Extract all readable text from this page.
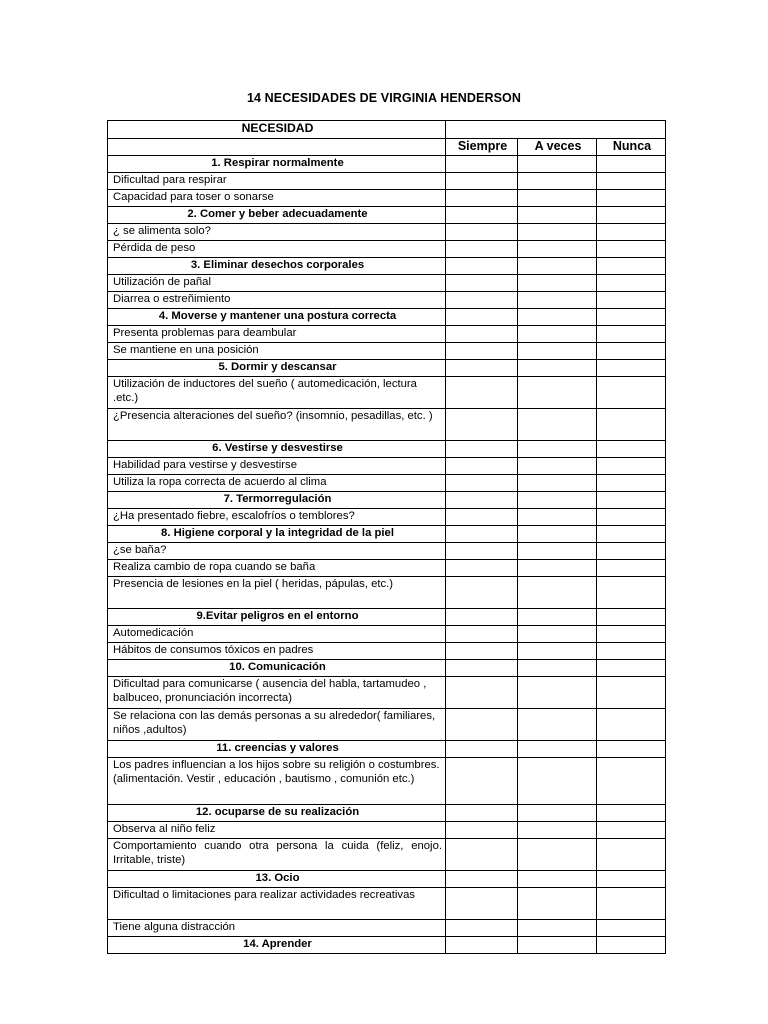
14 NECESIDADES DE VIRGINIA HENDERSON
NECESIDAD			
	Siempre	A veces	Nunca
1. Respirar normalmente			
Dificultad para respirar			
Capacidad para toser o sonarse			
2. Comer y beber adecuadamente			
¿ se alimenta solo?			
Pérdida de peso			
3. Eliminar desechos corporales			
Utilización de pañal			
Diarrea o estreñimiento			
4. Moverse y mantener una postura correcta			
Presenta problemas para deambular			
Se mantiene en una posición			
5. Dormir y descansar			
Utilización de inductores del sueño ( automedicación, lectura .etc.)			
¿Presencia alteraciones del sueño? (insomnio, pesadillas, etc. )			
6. Vestirse y desvestirse			
Habilidad para vestirse y desvestirse			
Utiliza la ropa correcta de acuerdo al clima			
7. Termorregulación			
¿Ha presentado fiebre, escalofríos o temblores?			
8. Higiene corporal y la integridad de la piel			
¿se baña?			
Realiza cambio de ropa cuando se baña			
Presencia de lesiones en la piel ( heridas, pápulas, etc.)			
9.Evitar peligros en el entorno			
Automedicación			
Hábitos de consumos tóxicos en padres			
10. Comunicación			
Dificultad para comunicarse ( ausencia del habla, tartamudeo , balbuceo, pronunciación incorrecta)			
Se relaciona con las demás personas a su alrededor( familiares, niños ,adultos)			
11. creencias y valores			
Los padres influencian a los hijos sobre su religión o costumbres. (alimentación. Vestir , educación , bautismo , comunión etc.)			
12. ocuparse de su realización			
Observa al niño feliz			
Comportamiento cuando otra persona la cuida (feliz, enojo. Irritable, triste)			
13. Ocio			
Dificultad o limitaciones para realizar actividades recreativas			
Tiene alguna distracción			
14. Aprender			
